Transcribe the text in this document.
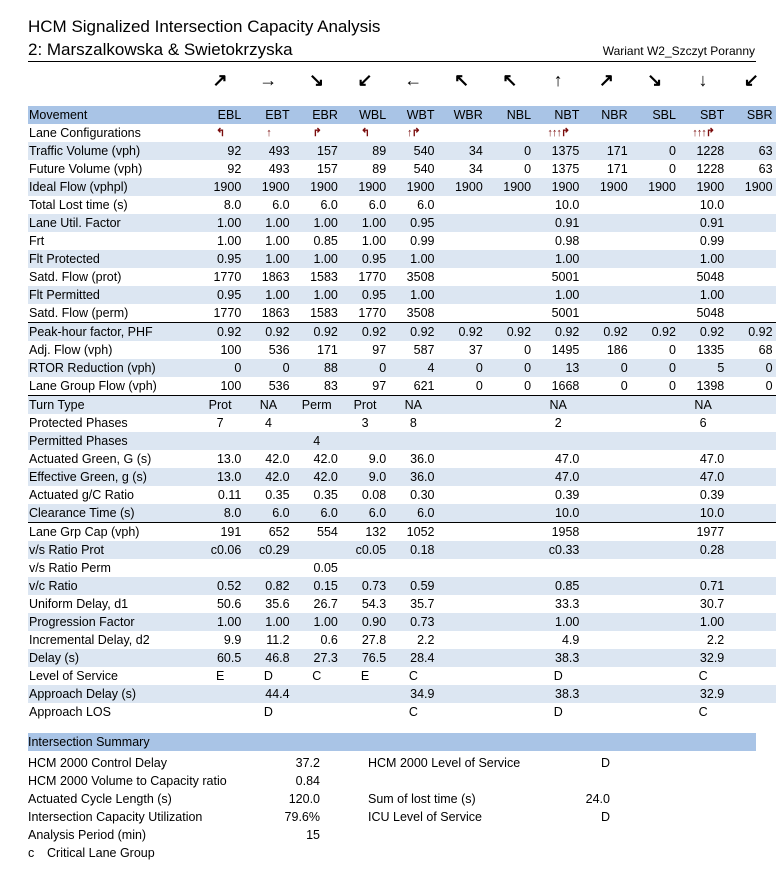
HCM Signalized Intersection Capacity Analysis
2: Marszalkowska & Swietokrzyska	Wariant W2_Szczyt Poranny
↗	→	↘	↙	←	↖	↖	↑	↗	↘	↓	↙
Movement	EBL	EBT	EBR	WBL	WBT	WBR	NBL	NBT	NBR	SBL	SBT	SBR
Lane Configurations	↰	↑	↱	↰	↑↱			↑↑↑↱			↑↑↑↱	
Traffic Volume (vph)	92	493	157	89	540	34	0	1375	171	0	1228	63
Future Volume (vph)	92	493	157	89	540	34	0	1375	171	0	1228	63
Ideal Flow (vphpl)	1900	1900	1900	1900	1900	1900	1900	1900	1900	1900	1900	1900
Total Lost time (s)	8.0	6.0	6.0	6.0	6.0			10.0			10.0	
Lane Util. Factor	1.00	1.00	1.00	1.00	0.95			0.91			0.91	
Frt	1.00	1.00	0.85	1.00	0.99			0.98			0.99	
Flt Protected	0.95	1.00	1.00	0.95	1.00			1.00			1.00	
Satd. Flow (prot)	1770	1863	1583	1770	3508			5001			5048	
Flt Permitted	0.95	1.00	1.00	0.95	1.00			1.00			1.00	
Satd. Flow (perm)	1770	1863	1583	1770	3508			5001			5048	
Peak-hour factor, PHF	0.92	0.92	0.92	0.92	0.92	0.92	0.92	0.92	0.92	0.92	0.92	0.92
Adj. Flow (vph)	100	536	171	97	587	37	0	1495	186	0	1335	68
RTOR Reduction (vph)	0	0	88	0	4	0	0	13	0	0	5	0
Lane Group Flow (vph)	100	536	83	97	621	0	0	1668	0	0	1398	0
Turn Type	Prot	NA	Perm	Prot	NA			NA			NA	
Protected Phases	7	4		3	8			2			6	
Permitted Phases			4									
Actuated Green, G (s)	13.0	42.0	42.0	9.0	36.0			47.0			47.0	
Effective Green, g (s)	13.0	42.0	42.0	9.0	36.0			47.0			47.0	
Actuated g/C Ratio	0.11	0.35	0.35	0.08	0.30			0.39			0.39	
Clearance Time (s)	8.0	6.0	6.0	6.0	6.0			10.0			10.0	
Lane Grp Cap (vph)	191	652	554	132	1052			1958			1977	
v/s Ratio Prot	c0.06	c0.29		c0.05	0.18			c0.33			0.28	
v/s Ratio Perm			0.05									
v/c Ratio	0.52	0.82	0.15	0.73	0.59			0.85			0.71	
Uniform Delay, d1	50.6	35.6	26.7	54.3	35.7			33.3			30.7	
Progression Factor	1.00	1.00	1.00	0.90	0.73			1.00			1.00	
Incremental Delay, d2	9.9	11.2	0.6	27.8	2.2			4.9			2.2	
Delay (s)	60.5	46.8	27.3	76.5	28.4			38.3			32.9	
Level of Service	E	D	C	E	C			D			C	
Approach Delay (s)		44.4			34.9			38.3			32.9	
Approach LOS		D			C			D			C	
Intersection Summary
HCM 2000 Control Delay	37.2	HCM 2000 Level of Service	D
HCM 2000 Volume to Capacity ratio	0.84
Actuated Cycle Length (s)	120.0	Sum of lost time (s)	24.0
Intersection Capacity Utilization	79.6%	ICU Level of Service	D
Analysis Period (min)	15
c Critical Lane Group
